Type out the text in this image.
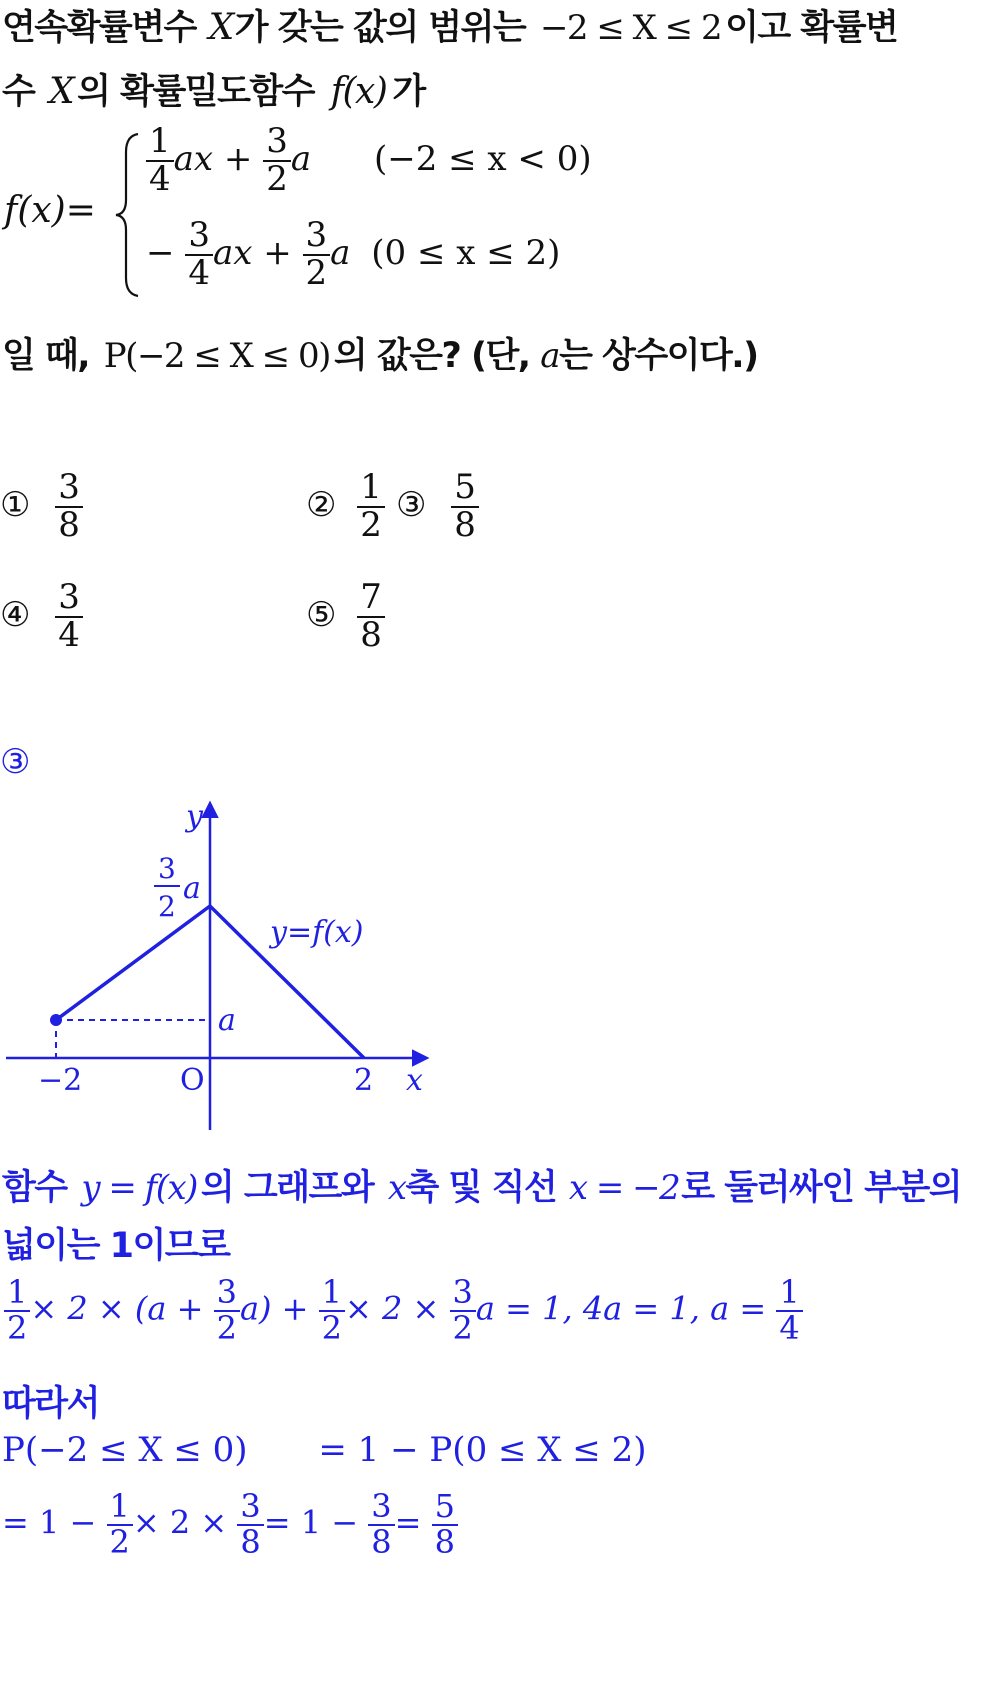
연속확률변수 X가 갖는 값의 범위는 −2 ≤ X ≤ 2 이고 확률변
수 X 의 확률밀도함수 f(x) 가
f(x)=
$\frac{1}{4}$ ax + $\frac{3}{2}$ a (−2 ≤ x < 0)
− $\frac{3}{4}$ ax + $\frac{3}{2}$ a (0 ≤ x ≤ 2)
일 때, P(−2 ≤ X ≤ 0) 의 값은? (단, a는 상수이다.)
① $\frac{3}{8}$	② $\frac{1}{2}$ ③ $\frac{5}{8}$
④ $\frac{3}{4}$	⑤ $\frac{7}{8}$
③
y
x
3
2
a
a
y=f(x)
−2	O	2
함수 y = f(x) 의 그래프와 x축 및 직선 x = −2로 둘러싸인 부분의
넓이는 1이므로
$\frac{1}{2} \times 2 \times (a + \frac{3}{2} a) + \frac{1}{2} \times 2 \times \frac{3}{2}$ a = 1, 4a = 1, $a = \frac{1}{4}$
따라서
P(−2 ≤ X ≤ 0) = 1 − P(0 ≤ X ≤ 2)
= $1 - \frac{1}{2} \times 2 \times \frac{3}{8} = 1 - \frac{3}{8} = \frac{5}{8}$
